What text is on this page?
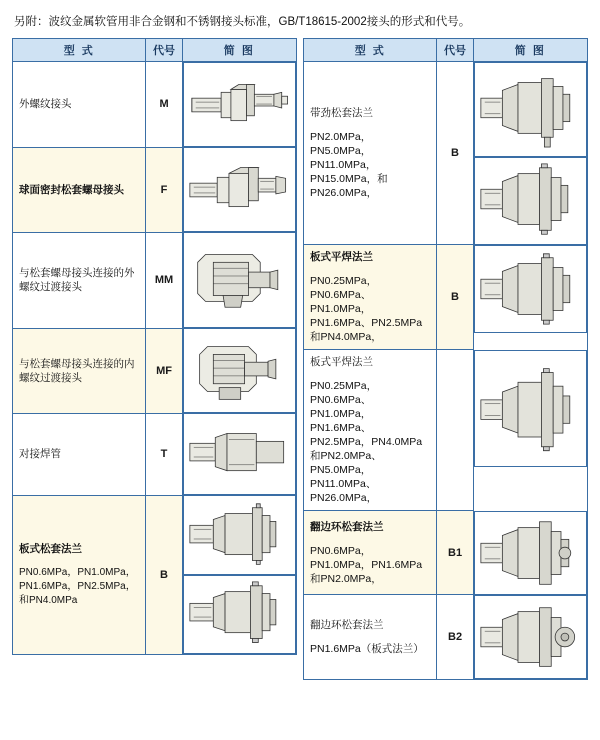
另附：波纹金属软管用非合金钢和不锈钢接头标准，GB/T18615-2002接头的形式和代号。
型 式	代号	简 图

外螺纹接头	M	

球面密封松套螺母接头	F	

与松套螺母接头连接的外螺纹过渡接头	MM	

与松套螺母接头连接的内螺纹过渡接头	MF	

对接焊管	T	

板式松套法兰
PN0.6MPa，PN1.0MPa，PN1.6MPa，PN2.5MPa，和PN4.0MPa	B	

型 式	代号	简 图

带劲松套法兰
PN2.0MPa，PN5.0MPa，PN11.0MPa，PN15.0MPa，和PN26.0MPa，	B	

板式平焊法兰
PN0.25MPa，PN0.6MPa、PN1.0MPa，PN1.6MPa、PN2.5MPa和PN4.0MPa，	B	

板式平焊法兰
PN0.25MPa，PN0.6MPa、PN1.0MPa，PN1.6MPa、PN2.5MPa，PN4.0MPa 和PN2.0MPa、PN5.0MPa，PN11.0MPa、PN26.0MPa，

翻边环松套法兰
PN0.6MPa，PN1.0MPa，PN1.6MPa和PN2.0MPa，	B1	

翻边环松套法兰
PN1.6MPa（板式法兰）	B2	
